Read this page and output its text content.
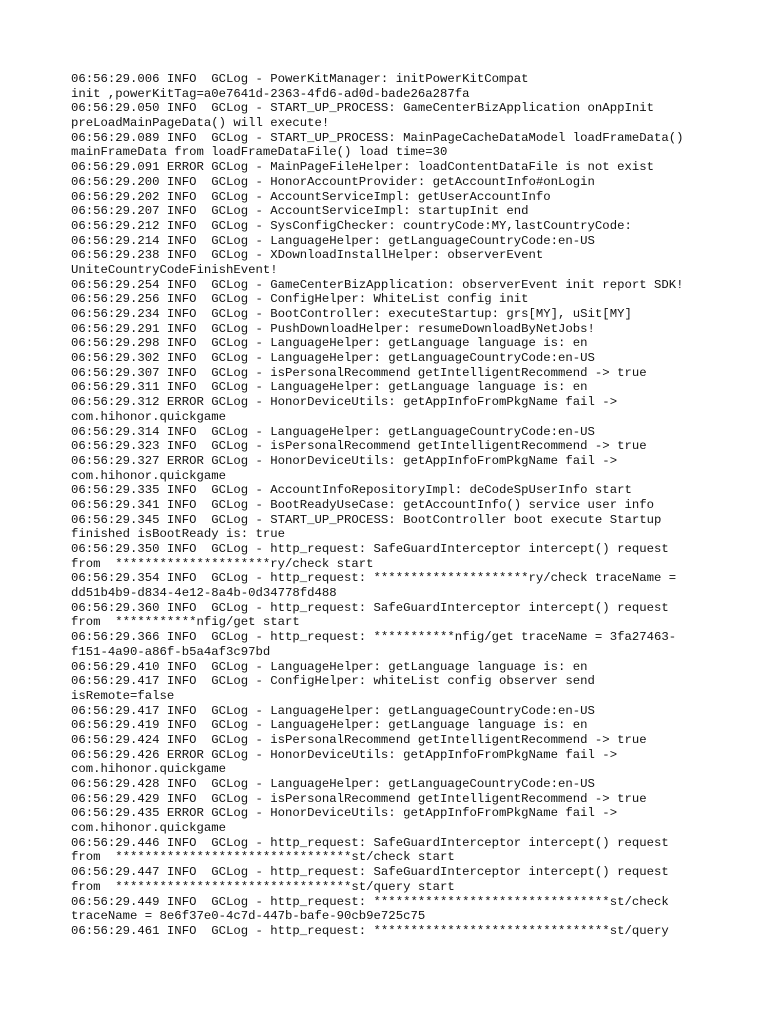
06:56:29.006 INFO  GCLog - PowerKitManager: initPowerKitCompat
init ,powerKitTag=a0e7641d-2363-4fd6-ad0d-bade26a287fa
06:56:29.050 INFO  GCLog - START_UP_PROCESS: GameCenterBizApplication onAppInit
preLoadMainPageData() will execute!
06:56:29.089 INFO  GCLog - START_UP_PROCESS: MainPageCacheDataModel loadFrameData()
mainFrameData from loadFrameDataFile() load time=30
06:56:29.091 ERROR GCLog - MainPageFileHelper: loadContentDataFile is not exist
06:56:29.200 INFO  GCLog - HonorAccountProvider: getAccountInfo#onLogin
06:56:29.202 INFO  GCLog - AccountServiceImpl: getUserAccountInfo
06:56:29.207 INFO  GCLog - AccountServiceImpl: startupInit end
06:56:29.212 INFO  GCLog - SysConfigChecker: countryCode:MY,lastCountryCode:
06:56:29.214 INFO  GCLog - LanguageHelper: getLanguageCountryCode:en-US
06:56:29.238 INFO  GCLog - XDownloadInstallHelper: observerEvent
UniteCountryCodeFinishEvent!
06:56:29.254 INFO  GCLog - GameCenterBizApplication: observerEvent init report SDK!
06:56:29.256 INFO  GCLog - ConfigHelper: WhiteList config init
06:56:29.234 INFO  GCLog - BootController: executeStartup: grs[MY], uSit[MY]
06:56:29.291 INFO  GCLog - PushDownloadHelper: resumeDownloadByNetJobs!
06:56:29.298 INFO  GCLog - LanguageHelper: getLanguage language is: en
06:56:29.302 INFO  GCLog - LanguageHelper: getLanguageCountryCode:en-US
06:56:29.307 INFO  GCLog - isPersonalRecommend getIntelligentRecommend -> true
06:56:29.311 INFO  GCLog - LanguageHelper: getLanguage language is: en
06:56:29.312 ERROR GCLog - HonorDeviceUtils: getAppInfoFromPkgName fail ->
com.hihonor.quickgame
06:56:29.314 INFO  GCLog - LanguageHelper: getLanguageCountryCode:en-US
06:56:29.323 INFO  GCLog - isPersonalRecommend getIntelligentRecommend -> true
06:56:29.327 ERROR GCLog - HonorDeviceUtils: getAppInfoFromPkgName fail ->
com.hihonor.quickgame
06:56:29.335 INFO  GCLog - AccountInfoRepositoryImpl: deCodeSpUserInfo start
06:56:29.341 INFO  GCLog - BootReadyUseCase: getAccountInfo() service user info
06:56:29.345 INFO  GCLog - START_UP_PROCESS: BootController boot execute Startup
finished isBootReady is: true
06:56:29.350 INFO  GCLog - http_request: SafeGuardInterceptor intercept() request
from  *********************ry/check start
06:56:29.354 INFO  GCLog - http_request: *********************ry/check traceName =
dd51b4b9-d834-4e12-8a4b-0d34778fd488
06:56:29.360 INFO  GCLog - http_request: SafeGuardInterceptor intercept() request
from  ***********nfig/get start
06:56:29.366 INFO  GCLog - http_request: ***********nfig/get traceName = 3fa27463-
f151-4a90-a86f-b5a4af3c97bd
06:56:29.410 INFO  GCLog - LanguageHelper: getLanguage language is: en
06:56:29.417 INFO  GCLog - ConfigHelper: whiteList config observer send
isRemote=false
06:56:29.417 INFO  GCLog - LanguageHelper: getLanguageCountryCode:en-US
06:56:29.419 INFO  GCLog - LanguageHelper: getLanguage language is: en
06:56:29.424 INFO  GCLog - isPersonalRecommend getIntelligentRecommend -> true
06:56:29.426 ERROR GCLog - HonorDeviceUtils: getAppInfoFromPkgName fail ->
com.hihonor.quickgame
06:56:29.428 INFO  GCLog - LanguageHelper: getLanguageCountryCode:en-US
06:56:29.429 INFO  GCLog - isPersonalRecommend getIntelligentRecommend -> true
06:56:29.435 ERROR GCLog - HonorDeviceUtils: getAppInfoFromPkgName fail ->
com.hihonor.quickgame
06:56:29.446 INFO  GCLog - http_request: SafeGuardInterceptor intercept() request
from  ********************************st/check start
06:56:29.447 INFO  GCLog - http_request: SafeGuardInterceptor intercept() request
from  ********************************st/query start
06:56:29.449 INFO  GCLog - http_request: ********************************st/check
traceName = 8e6f37e0-4c7d-447b-bafe-90cb9e725c75
06:56:29.461 INFO  GCLog - http_request: ********************************st/query
